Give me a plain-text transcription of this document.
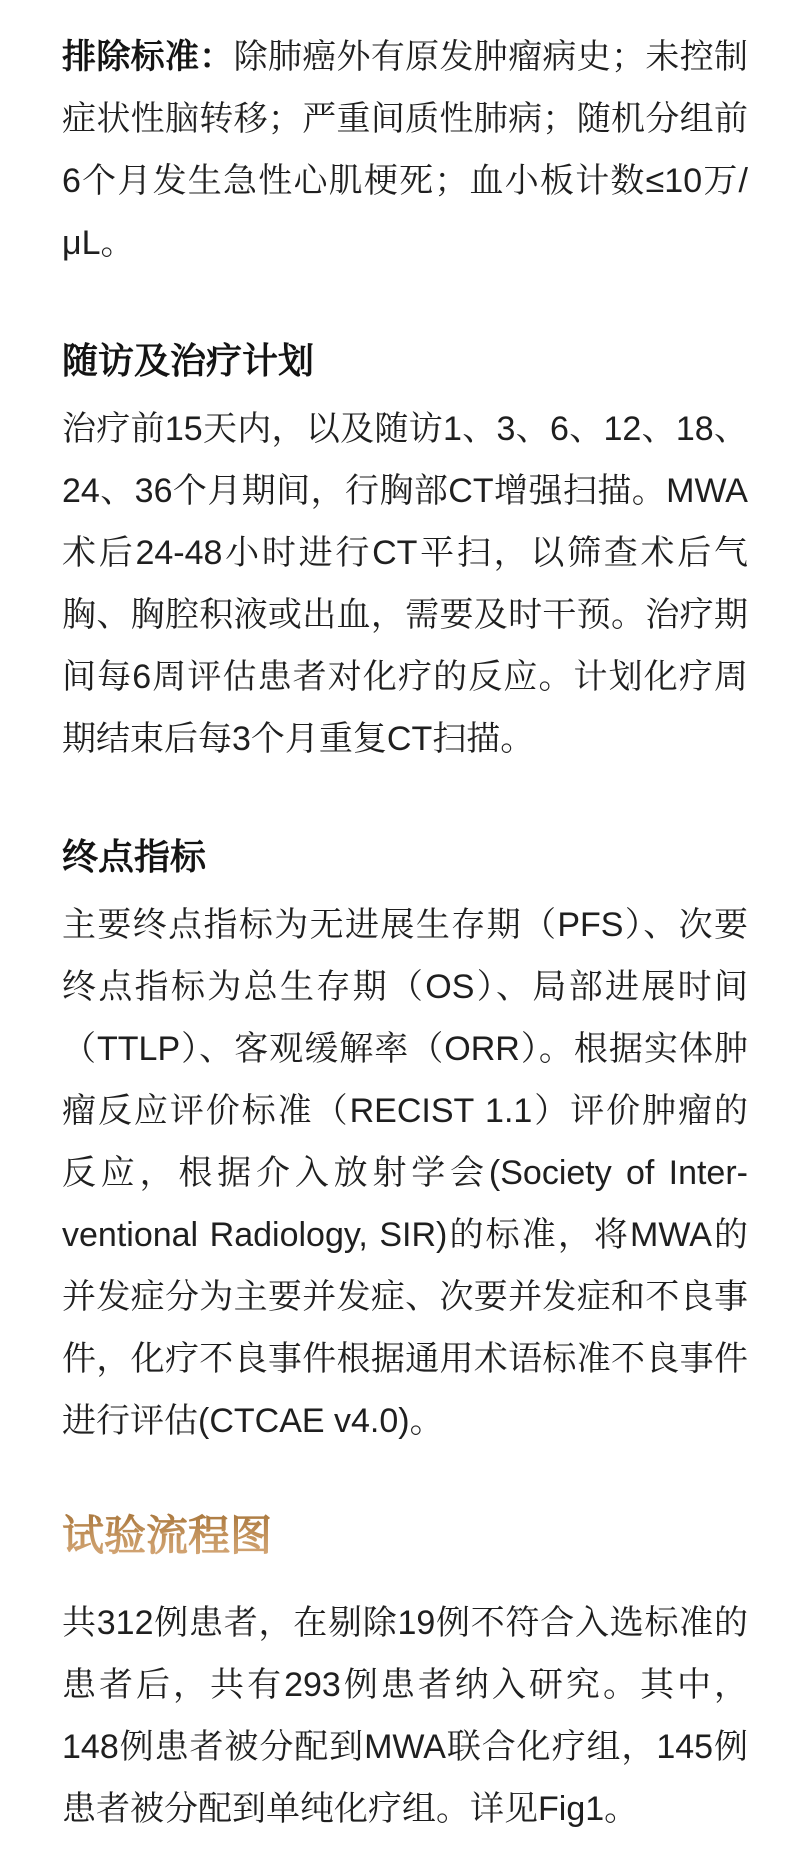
排除标准：除肺癌外有原发肿瘤病史；未控制症状性脑转移；严重间质性肺病；随机分组前6个月发生急性心肌梗死；血小板计数≤10万/μL。

随访及治疗计划

治疗前15天内，以及随访1、3、6、12、18、24、36个月期间，行胸部CT增强扫描。MWA术后24-48小时进行CT平扫，以筛查术后气胸、胸腔积液或出血，需要及时干预。治疗期间每6周评估患者对化疗的反应。计划化疗周期结束后每3个月重复CT扫描。

终点指标

主要终点指标为无进展生存期（PFS）、次要终点指标为总生存期（OS）、局部进展时间（TTLP）、客观缓解率（ORR）。根据实体肿瘤反应评价标准（RECIST 1.1）评价肿瘤的反应，根据介入放射学会(Society of Interventional Radiology, SIR)的标准，将MWA的并发症分为主要并发症、次要并发症和不良事件，化疗不良事件根据通用术语标准不良事件进行评估(CTCAE v4.0)。

试验流程图

共312例患者，在剔除19例不符合入选标准的患者后，共有293例患者纳入研究。其中，148例患者被分配到MWA联合化疗组，145例患者被分配到单纯化疗组。详见Fig1。
